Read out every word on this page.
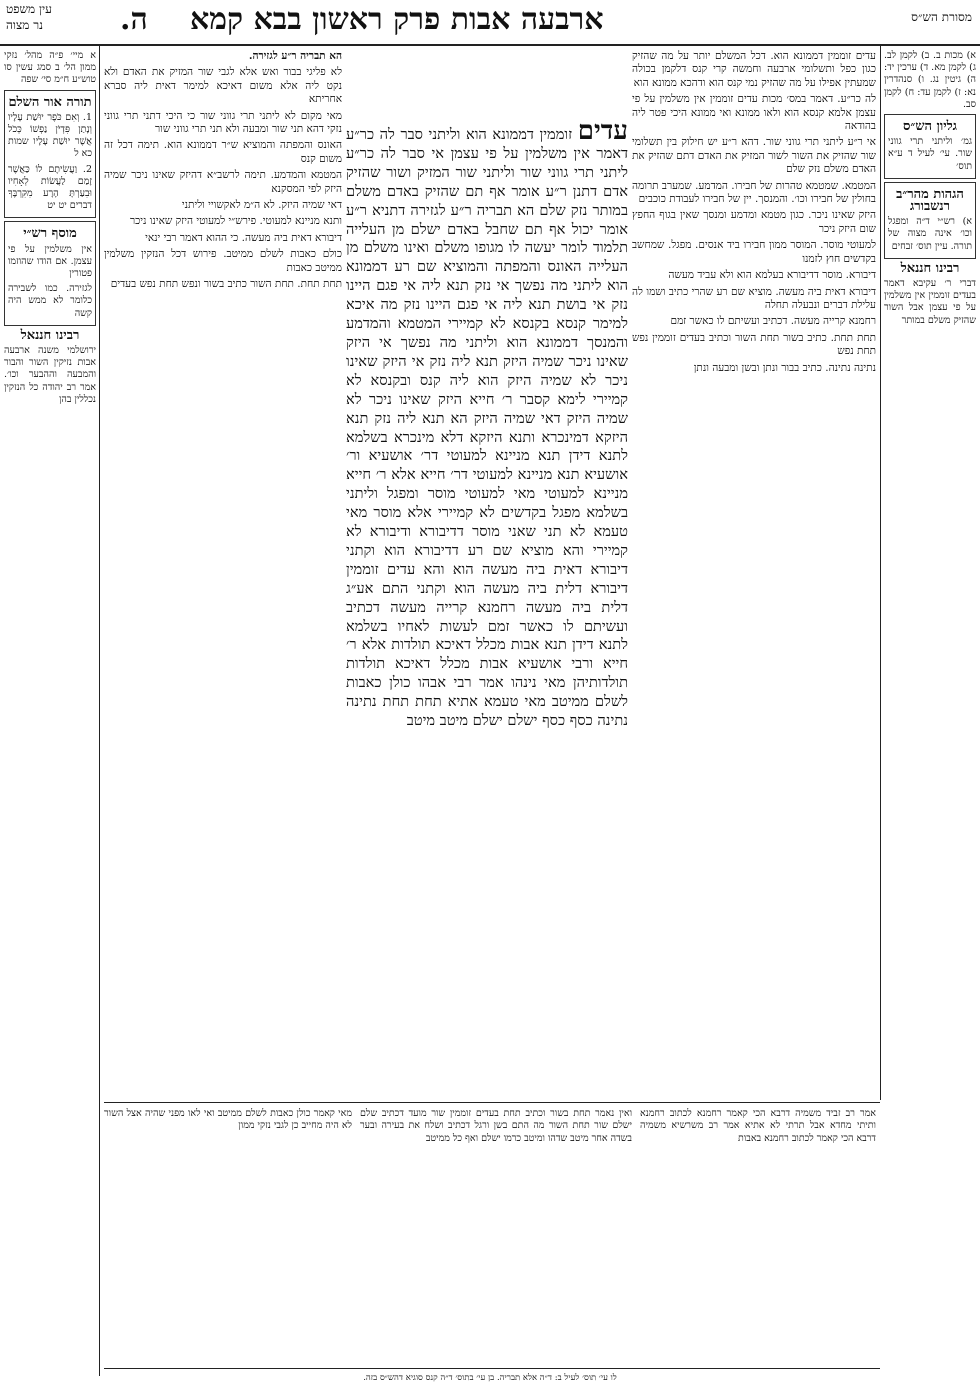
עין משפט
נר מצוה	ה. ארבעה אבות פרק ראשון בבא קמא	מסורת הש״ס

א) מכות ב. ב) לקמן לב. ג) לקמן מא. ד) ערכין יד: ה) גיטין נג. ו) סנהדרין נא: ז) לקמן עד: ח) לקמן סב.

גליון הש״ס

גמ׳ וליתני תרי גווני שור. עי׳ לעיל ד ע״א תוס׳

הגהות מהר״ב רנשבורג

א) רש״י ד״ה ומפגל וכו׳ אינה מצוה של תורה. עיין תוס׳ זבחים

רבינו חננאל

דברי ר׳ עקיבא דאמר בעדים זוממין אין משלמין על פי עצמן אבל השור שהזיק משלם במותר

עדים זוממין דממונא הוא. דכל המשלם יותר על מה שהזיק כגון כפל ותשלומי ארבעה וחמשה קרי קנס דלקמן בכולה שמעתין אפילו על מה שהזיק נמי קנס הוא ודהכא ממונא הוא

לה כר״ע. דאמר במס׳ מכות עדים זוממין אין משלמין על פי עצמן אלמא קנסא הוא ולאו ממונא ואי ממונא היכי פטר ליה בהודאה

אי ר״ע ליתני תרי גווני שור. דהא ר״ע יש חילוק בין תשלומי שור שהזיק את השור לשור המזיק את האדם דתם שהזיק את האדם משלם נזק שלם

המטמא. שמטמא טהרות של חבירו. המדמע. שמערב תרומה בחולין של חבירו וכו׳. והמנסך. יין של חבירו לעבודת כוכבים

היזק שאינו ניכר. כגון מטמא ומדמע ומנסך שאין בגוף החפץ שום היזק ניכר

למעוטי מוסר. המוסר ממון חבירו ביד אנסים. מפגל. שמחשב בקדשים חוץ לזמנו

דיבורא. מוסר דדיבורא בעלמא הוא ולא עביד מעשה

דיבורא דאית ביה מעשה. מוציא שם רע שהרי כתיב ושמו לה עלילת דברים ונבעלה תחלה

רחמנא קרייה מעשה. דכתיב ועשיתם לו כאשר זמם

תחת תחת. כתיב בשור תחת השור וכתיב בעדים זוממין נפש תחת נפש

נתינה נתינה. כתיב בבור ונתן ובשן ומבעה ונתן

הא תבריה ר״ע לגזירה.

לא פליגי בבור ואש אלא לגבי שור המזיק את האדם ולא נקט ליה אלא משום דאיכא למימר דאית ליה סברא אחריתא

מאי מקום לא ליתני תרי גווני שור כי היכי דתני תרי גווני נזקי דהא תני שור ומבעה ולא תני תרי גווני שור

האונס והמפתה והמוציא ש״ר דממונא הוא. תימה דכל זה משום קנס

המטמא והמדמע. תימה לרשב״א דהיזק שאינו ניכר שמיה היזק לפי המסקנא

דאי שמיה היזק. לא ה״מ לאקשויי וליתני

ותנא מניינא למעוטי. פירש״י למעוטי היזק שאינו ניכר

דיבורא דאית ביה מעשה. כי ההוא דאמר רבי ינאי

כולם כאבות לשלם ממיטב. פירוש דכל הנזקין משלמין ממיטב כאבות

תחת תחת. תחת השור כתיב בשור ונפש תחת נפש בעדים

א מיי׳ פ״ה מהל׳ נזקי ממון הל׳ ב סמג עשין סו טוש״ע ח״מ סי׳ שפה

תורה אור השלם

1. וְאִם כֹּפֶר יוּשַׁת עָלָיו וְנָתַן פִּדְיֹן נַפְשׁוֹ כְּכֹל אֲשֶׁר יוּשַׁת עָלָיו שמות כא ל

2. וַעֲשִׂיתֶם לוֹ כַּאֲשֶׁר זָמַם לַעֲשׂוֹת לְאָחִיו וּבִעַרְתָּ הָרָע מִקִּרְבֶּךָ דברים יט יט

מוסף רש״י

אין משלמין על פי עצמן. אם הודו שהוזמו פטורין

לגזירה. כמו לשבירה כלומר לא ממש היה קשה

רבינו חננאל

ירושלמי משנה ארבעה אבות נזיקין השור והבור והמבעה וההבער וכו׳. אמר רב יהודה כל הנזקין נכללין בהן

עדים זוממין דממונא הוא וליתני סבר לה כר״ע דאמר אין משלמין על פי עצמן אי סבר לה כר״ע ליתני תרי גווני שור וליתני שור המזיק ושור שהזיק אדם דתנן ר״ע אומר אף תם שהזיק באדם משלם במותר נזק שלם הא תבריה ר״ע לגזירה דתניא ר״ע אומר יכול אף תם שחבל באדם ישלם מן העלייה תלמוד לומר יעשה לו מגופו משלם ואינו משלם מן העלייה האונס והמפתה והמוציא שם רע דממונא הוא ליתני מה נפשך אי נזק תנא ליה אי פגם היינו נזק אי בושת תנא ליה אי פגם היינו נזק מה איכא למימר קנסא בקנסא לא קמיירי המטמא והמדמע והמנסך דממונא הוא וליתני מה נפשך אי היזק שאינו ניכר שמיה היזק תנא ליה נזק אי היזק שאינו ניכר לא שמיה היזק הוא ליה קנס ובקנסא לא קמיירי לימא קסבר ר׳ חייא היזק שאינו ניכר לא שמיה היזק דאי שמיה היזק הא תנא ליה נזק תנא היזקא דמינכרא ותנא היזקא דלא מינכרא בשלמא לתנא דידן תנא מניינא למעוטי דר׳ אושעיא ור׳ אושעיא תנא מניינא למעוטי דר׳ חייא אלא ר׳ חייא מניינא למעוטי מאי למעוטי מוסר ומפגל וליתני בשלמא מפגל בקדשים לא קמיירי אלא מוסר מאי טעמא לא תני שאני מוסר דדיבורא ודיבורא לא קמיירי והא מוציא שם רע דדיבורא הוא וקתני דיבורא דאית ביה מעשה הוא והא עדים זוממין דיבורא דלית ביה מעשה הוא וקתני התם אע״ג דלית ביה מעשה רחמנא קרייה מעשה דכתיב ועשיתם לו כאשר זמם לעשות לאחיו בשלמא לתנא דידן תנא אבות מכלל דאיכא תולדות אלא ר׳ חייא ורבי אושעיא אבות מכלל דאיכא תולדות תולדותיהן מאי נינהו אמר רבי אבהו כולן כאבות לשלם ממיטב מאי טעמא אתיא תחת תחת נתינה נתינה כסף כסף ישלם ישלם מיטב מיטב
אמר רב זביד משמיה דרבא הכי קאמר רחמנא לכתוב רחמנא ותיתי מחדא אבל תרתי לא אתיא אמר רב משרשיא משמיה דרבא הכי קאמר לכתוב רחמנא באבות
ואין נאמר תחת בשור וכתיב תחת בעדים זוממין שור מועד דכתיב שלם ישלם שור תחת השור מה התם בשן ורגל דכתיב ושלח את בעירה ובער בשדה אחר מיטב שדהו ומיטב כרמו ישלם ואף כל ממיטב
מאי קאמר כולן כאבות לשלם ממיטב ואי לאו מפני שהיה אצל השור לא היה מחייב כן לגבי נזקי ממון
לו עי׳ תוס׳ לעיל ב: ד״ה אלא תבריה. בן עי׳ בתוס׳ ד״ה קנס סוגיא דהש״ס בזה.
